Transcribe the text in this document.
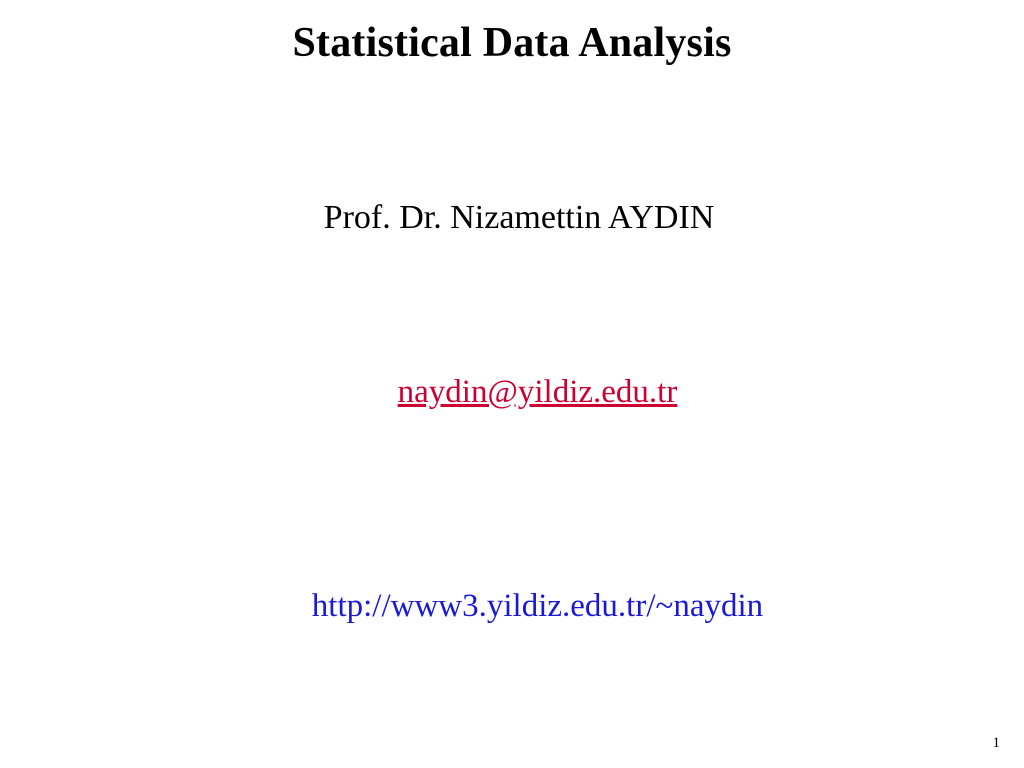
Statistical Data Analysis
Prof. Dr. Nizamettin AYDIN

naydin@yildiz.edu.tr

http://www3.yildiz.edu.tr/~naydin

1
